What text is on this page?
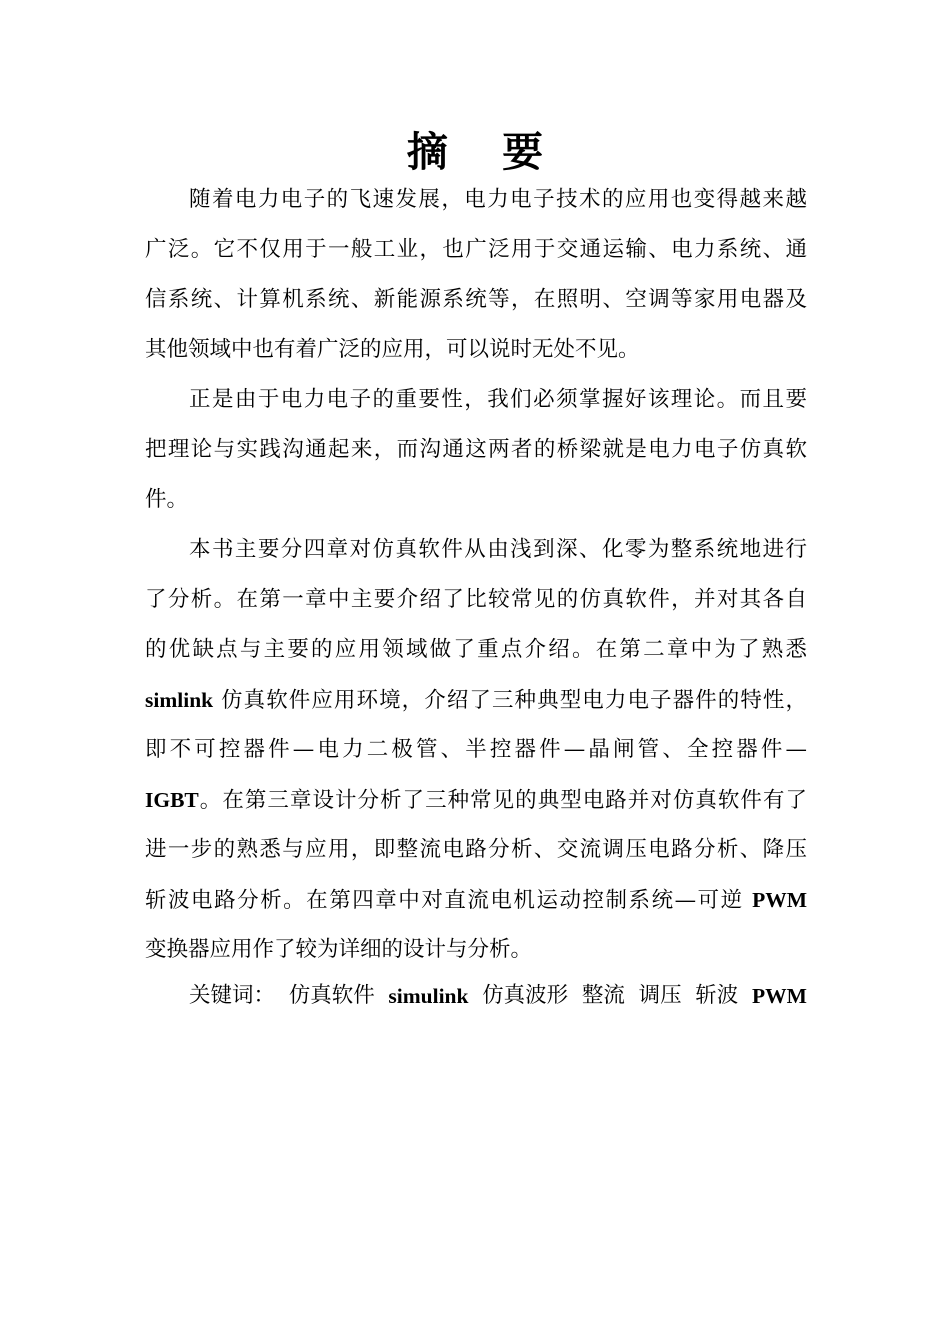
摘 要
随着电力电子的飞速发展，电力电子技术的应用也变得越来越
广泛。它不仅用于一般工业，也广泛用于交通运输、电力系统、通
信系统、计算机系统、新能源系统等，在照明、空调等家用电器及
其他领域中也有着广泛的应用，可以说时无处不见。
正是由于电力电子的重要性，我们必须掌握好该理论。而且要
把理论与实践沟通起来，而沟通这两者的桥梁就是电力电子仿真软
件。
本书主要分四章对仿真软件从由浅到深、化零为整系统地进行
了分析。在第一章中主要介绍了比较常见的仿真软件，并对其各自
的优缺点与主要的应用领域做了重点介绍。在第二章中为了熟悉
simlink 仿真软件应用环境，介绍了三种典型电力电子器件的特性，
即不可控器件—电力二极管、半控器件—晶闸管、全控器件—
IGBT。在第三章设计分析了三种常见的典型电路并对仿真软件有了
进一步的熟悉与应用，即整流电路分析、交流调压电路分析、降压
斩波电路分析。在第四章中对直流电机运动控制系统—可逆 PWM
变换器应用作了较为详细的设计与分析。
关键词： 仿真软件 simulink 仿真波形 整流 调压 斩波 PWM
